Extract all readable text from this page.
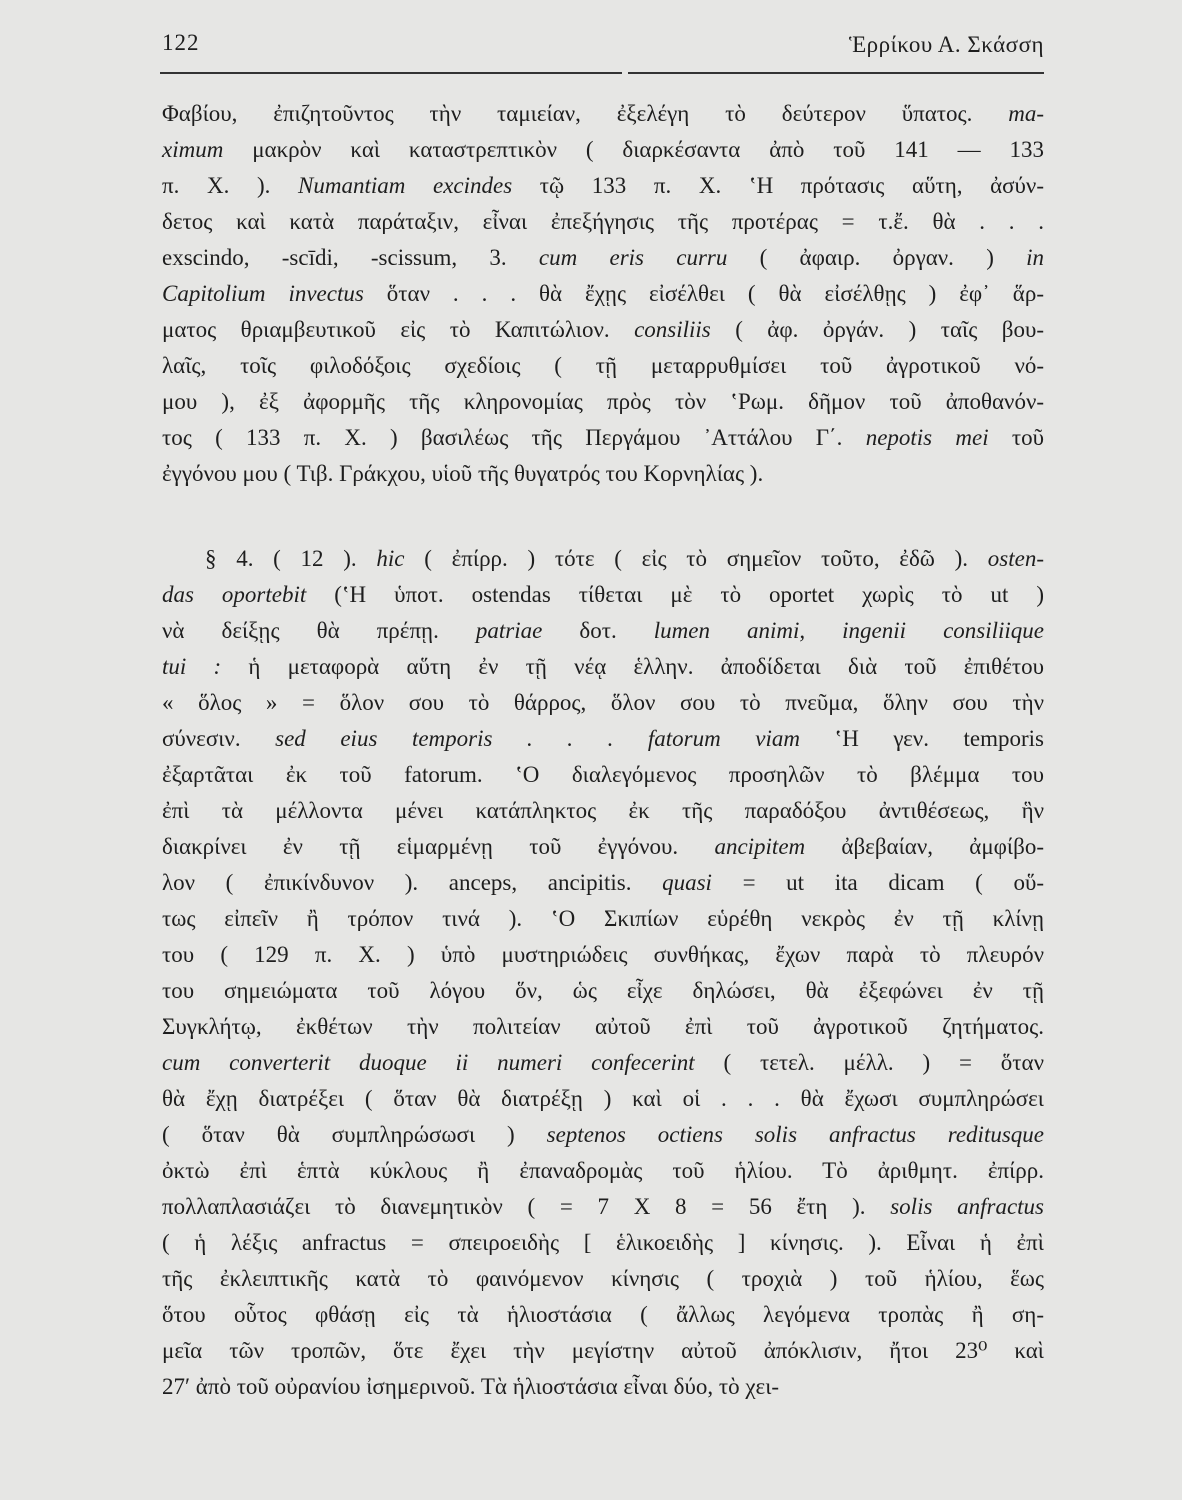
122	Ἑρρίκου Α. Σκάσση
Φαβίου, ἐπιζητοῦντος τὴν ταμιείαν, ἐξελέγη τὸ δεύτερον ὕπατος. ma-
ximum μακρὸν καὶ καταστρεπτικὸν ( διαρκέσαντα ἀπὸ τοῦ 141 — 133
π. Χ. ). Numantiam excindes τῷ 133 π. Χ. ‛Η πρότασις αὕτη, ἀσύν-
δετος καὶ κατὰ παράταξιν, εἶναι ἐπεξήγησις τῆς προτέρας = τ.ἔ. θὰ . . .
exscindo, -scīdi, -scissum, 3. cum eris curru ( ἀφαιρ. ὀργαν. ) in
Capitolium invectus ὅταν . . . θὰ ἔχῃς εἰσέλθει ( θὰ εἰσέλθῃς ) ἐφ᾽ ἅρ-
ματος θριαμβευτικοῦ εἰς τὸ Καπιτώλιον. consiliis ( ἀφ. ὀργάν. ) ταῖς βου-
λαῖς, τοῖς φιλοδόξοις σχεδίοις ( τῇ μεταρρυθμίσει τοῦ ἀγροτικοῦ νό-
μου ), ἐξ ἀφορμῆς τῆς κληρονομίας πρὸς τὸν ‛Ρωμ. δῆμον τοῦ ἀποθανόν-
τος ( 133 π. Χ. ) βασιλέως τῆς Περγάμου ᾿Αττάλου Γ΄. nepotis mei τοῦ
ἐγγόνου μου ( Τιβ. Γράκχου, υἱοῦ τῆς θυγατρός του Κορνηλίας ).
§ 4. ( 12 ). hic ( ἐπίρρ. ) τότε ( εἰς τὸ σημεῖον τοῦτο, ἐδῶ ). osten-
das oportebit (‛Η ὑποτ. ostendas τίθεται μὲ τὸ oportet χωρὶς τὸ ut )
νὰ δείξῃς θὰ πρέπῃ. patriae δοτ. lumen animi, ingenii consiliique
tui : ἡ μεταφορὰ αὕτη ἐν τῇ νέᾳ ἑλλην. ἀποδίδεται διὰ τοῦ ἐπιθέτου
« ὅλος » = ὅλον σου τὸ θάρρος, ὅλον σου τὸ πνεῦμα, ὅλην σου τὴν
σύνεσιν. sed eius temporis . . . fatorum viam ‛Η γεν. temporis
ἐξαρτᾶται ἐκ τοῦ fatorum. ‛Ο διαλεγόμενος προσηλῶν τὸ βλέμμα του
ἐπὶ τὰ μέλλοντα μένει κατάπληκτος ἐκ τῆς παραδόξου ἀντιθέσεως, ἣν
διακρίνει ἐν τῇ εἱμαρμένῃ τοῦ ἐγγόνου. ancipitem ἀβεβαίαν, ἀμφίβο-
λον ( ἐπικίνδυνον ). anceps, ancipitis. quasi = ut ita dicam ( οὕ-
τως εἰπεῖν ἢ τρόπον τινά ). ‛Ο Σκιπίων εὑρέθη νεκρὸς ἐν τῇ κλίνῃ
του ( 129 π. Χ. ) ὑπὸ μυστηριώδεις συνθήκας, ἔχων παρὰ τὸ πλευρόν
του σημειώματα τοῦ λόγου ὅν, ὡς εἶχε δηλώσει, θὰ ἐξεφώνει ἐν τῇ
Συγκλήτῳ, ἐκθέτων τὴν πολιτείαν αὐτοῦ ἐπὶ τοῦ ἀγροτικοῦ ζητήματος.
cum converterit duoque ii numeri confecerint ( τετελ. μέλλ. ) = ὅταν
θὰ ἔχῃ διατρέξει ( ὅταν θὰ διατρέξῃ ) καὶ οἱ . . . θὰ ἔχωσι συμπληρώσει
( ὅταν θὰ συμπληρώσωσι ) septenos octiens solis anfractus reditusque
ὀκτὼ ἐπὶ ἑπτὰ κύκλους ἢ ἐπαναδρομὰς τοῦ ἡλίου. Τὸ ἀριθμητ. ἐπίρρ.
πολλαπλασιάζει τὸ διανεμητικὸν ( = 7 X 8 = 56 ἔτη ). solis anfractus
( ἡ λέξις anfractus = σπειροειδὴς [ ἑλικοειδὴς ] κίνησις. ). Εἶναι ἡ ἐπὶ
τῆς ἐκλειπτικῆς κατὰ τὸ φαινόμενον κίνησις ( τροχιὰ ) τοῦ ἡλίου, ἕως
ὅτου οὗτος φθάσῃ εἰς τὰ ἡλιοστάσια ( ἄλλως λεγόμενα τροπὰς ἢ ση-
μεῖα τῶν τροπῶν, ὅτε ἔχει τὴν μεγίστην αὐτοῦ ἀπόκλισιν, ἤτοι 23⁰ καὶ
27′ ἀπὸ τοῦ οὐρανίου ἰσημερινοῦ. Τὰ ἡλιοστάσια εἶναι δύο, τὸ χει-
